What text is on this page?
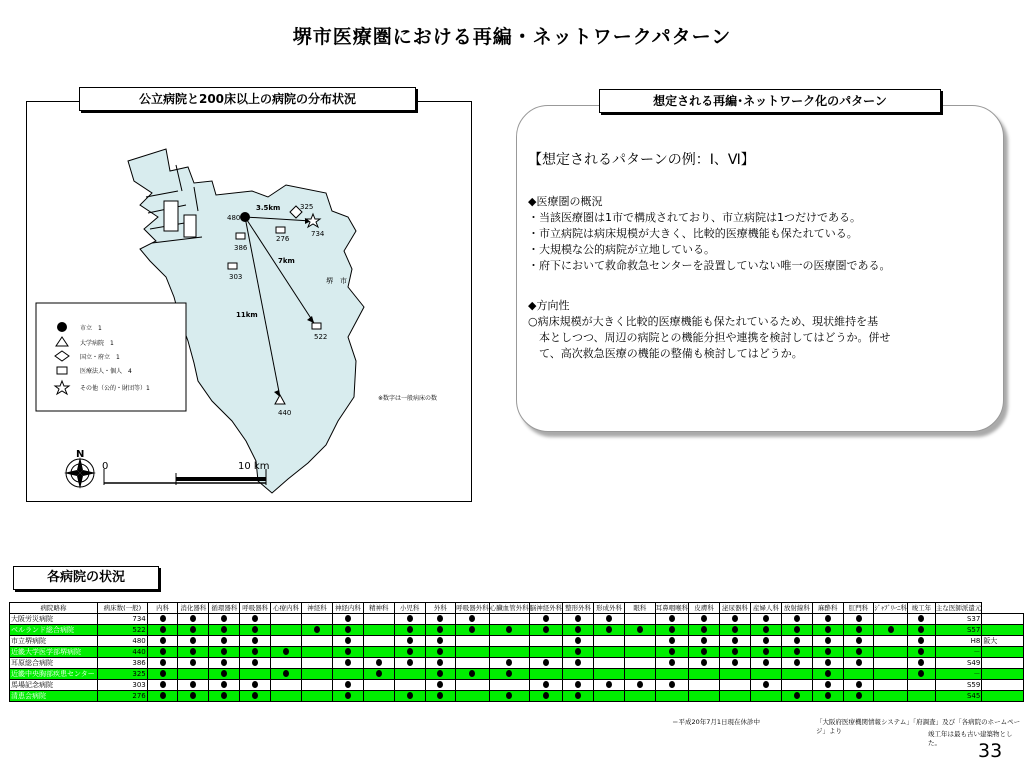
堺市医療圏における再編・ネットワークパターン
3.5km
7km
11km
480
325
734
386
276
303
522
440
堺　市
※数字は一般病床の数
市立　1
大学病院　1
国立・府立　1
医療法人・個人　4
その他（公的・財団等）1
N
0	10 km
公立病院と200床以上の病院の分布状況	想定される再編･ネットワーク化のパターン
【想定されるパターンの例：Ⅰ、Ⅵ】
◆医療圏の概況
・当該医療圏は1市で構成されており、市立病院は1つだけである。
・市立病院は病床規模が大きく、比較的医療機能も保たれている。
・大規模な公的病院が立地している。
・府下において救命救急センターを設置していない唯一の医療圏である。
◆方向性
○病床規模が大きく比較的医療機能も保たれているため、現状維持を基
本としつつ、周辺の病院との機能分担や連携を検討してはどうか。併せ
て、高次救急医療の機能の整備も検討してはどうか。
各病院の状況
病院略称	病床数(一般)	内科	消化器科	循環器科	呼吸器科	心療内科	神経科	神経内科	精神科	小児科	外科	呼吸器外科	心臓血管外科	脳神経外科	整形外科	形成外科	眼科	耳鼻咽喉科	皮膚科	泌尿器科	産婦人科	放射線科	麻酔科	肛門科	ｼﾞｬﾌﾞﾘｰﾆ科	竣工年	主な医師派遣元	
大阪労災病院	734																										S37	
ベルランド総合病院	522																										S57	
市立堺病院	480																										H8	阪大
近畿大学医学部堺病院	440																										－	
耳原総合病院	386																										S49	
近畿中央胸部疾患センター	325																										－	
馬場記念病院	303																										S59	
清恵会病院	276																										S45	
＝平成20年7月1日現在休診中	「大阪府医療機関情報システム」「府調査」及び「各病院のホームページ」より	竣工年は最も古い建築物とした。	33
